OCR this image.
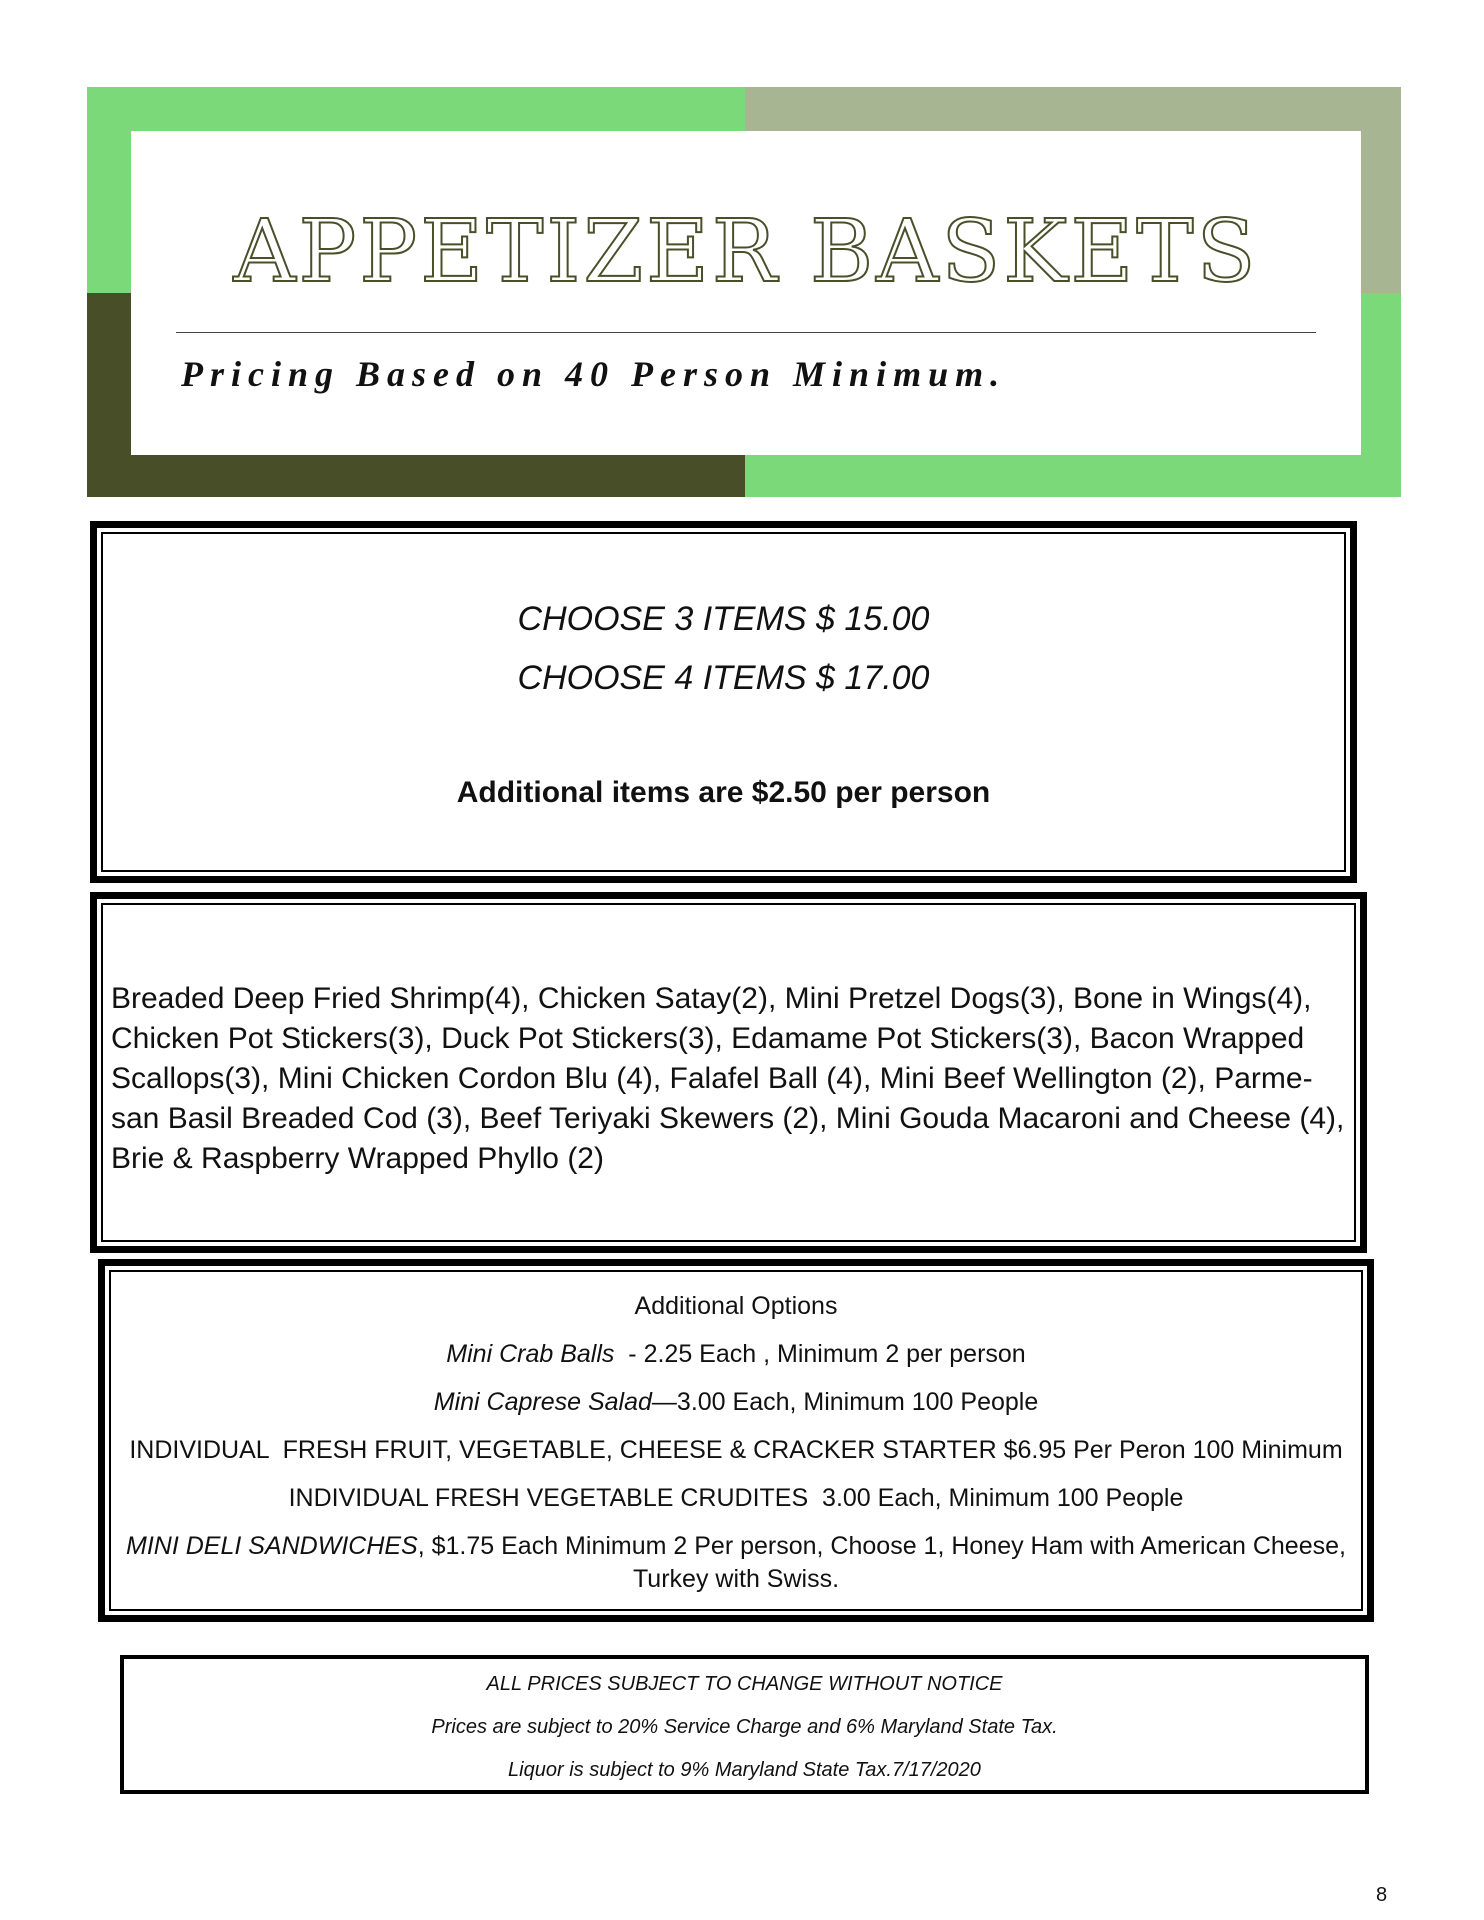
APPETIZER BASKETS
Pricing Based on 40 Person Minimum.
CHOOSE 3 ITEMS $ 15.00
CHOOSE 4 ITEMS $ 17.00
Additional items are $2.50 per person
Breaded Deep Fried Shrimp(4), Chicken Satay(2), Mini Pretzel Dogs(3), Bone in Wings(4), Chicken Pot Stickers(3), Duck Pot Stickers(3), Edamame Pot Stickers(3), Bacon Wrapped Scallops(3), Mini Chicken Cordon Blu (4), Falafel Ball (4), Mini Beef Wellington (2), Parme-san Basil Breaded Cod (3), Beef Teriyaki Skewers (2), Mini Gouda Macaroni and Cheese (4), Brie & Raspberry Wrapped Phyllo (2)
Additional Options
Mini Crab Balls  - 2.25 Each , Minimum 2 per person
Mini Caprese Salad—3.00 Each, Minimum 100 People
INDIVIDUAL  FRESH FRUIT, VEGETABLE, CHEESE & CRACKER STARTER $6.95 Per Peron 100 Minimum
INDIVIDUAL FRESH VEGETABLE CRUDITES  3.00 Each, Minimum 100 People
MINI DELI SANDWICHES, $1.75 Each Minimum 2 Per person, Choose 1, Honey Ham with American Cheese, Turkey with Swiss.
ALL PRICES SUBJECT TO CHANGE WITHOUT NOTICE
Prices are subject to 20% Service Charge and 6% Maryland State Tax.
Liquor is subject to 9% Maryland State Tax.7/17/2020
8
